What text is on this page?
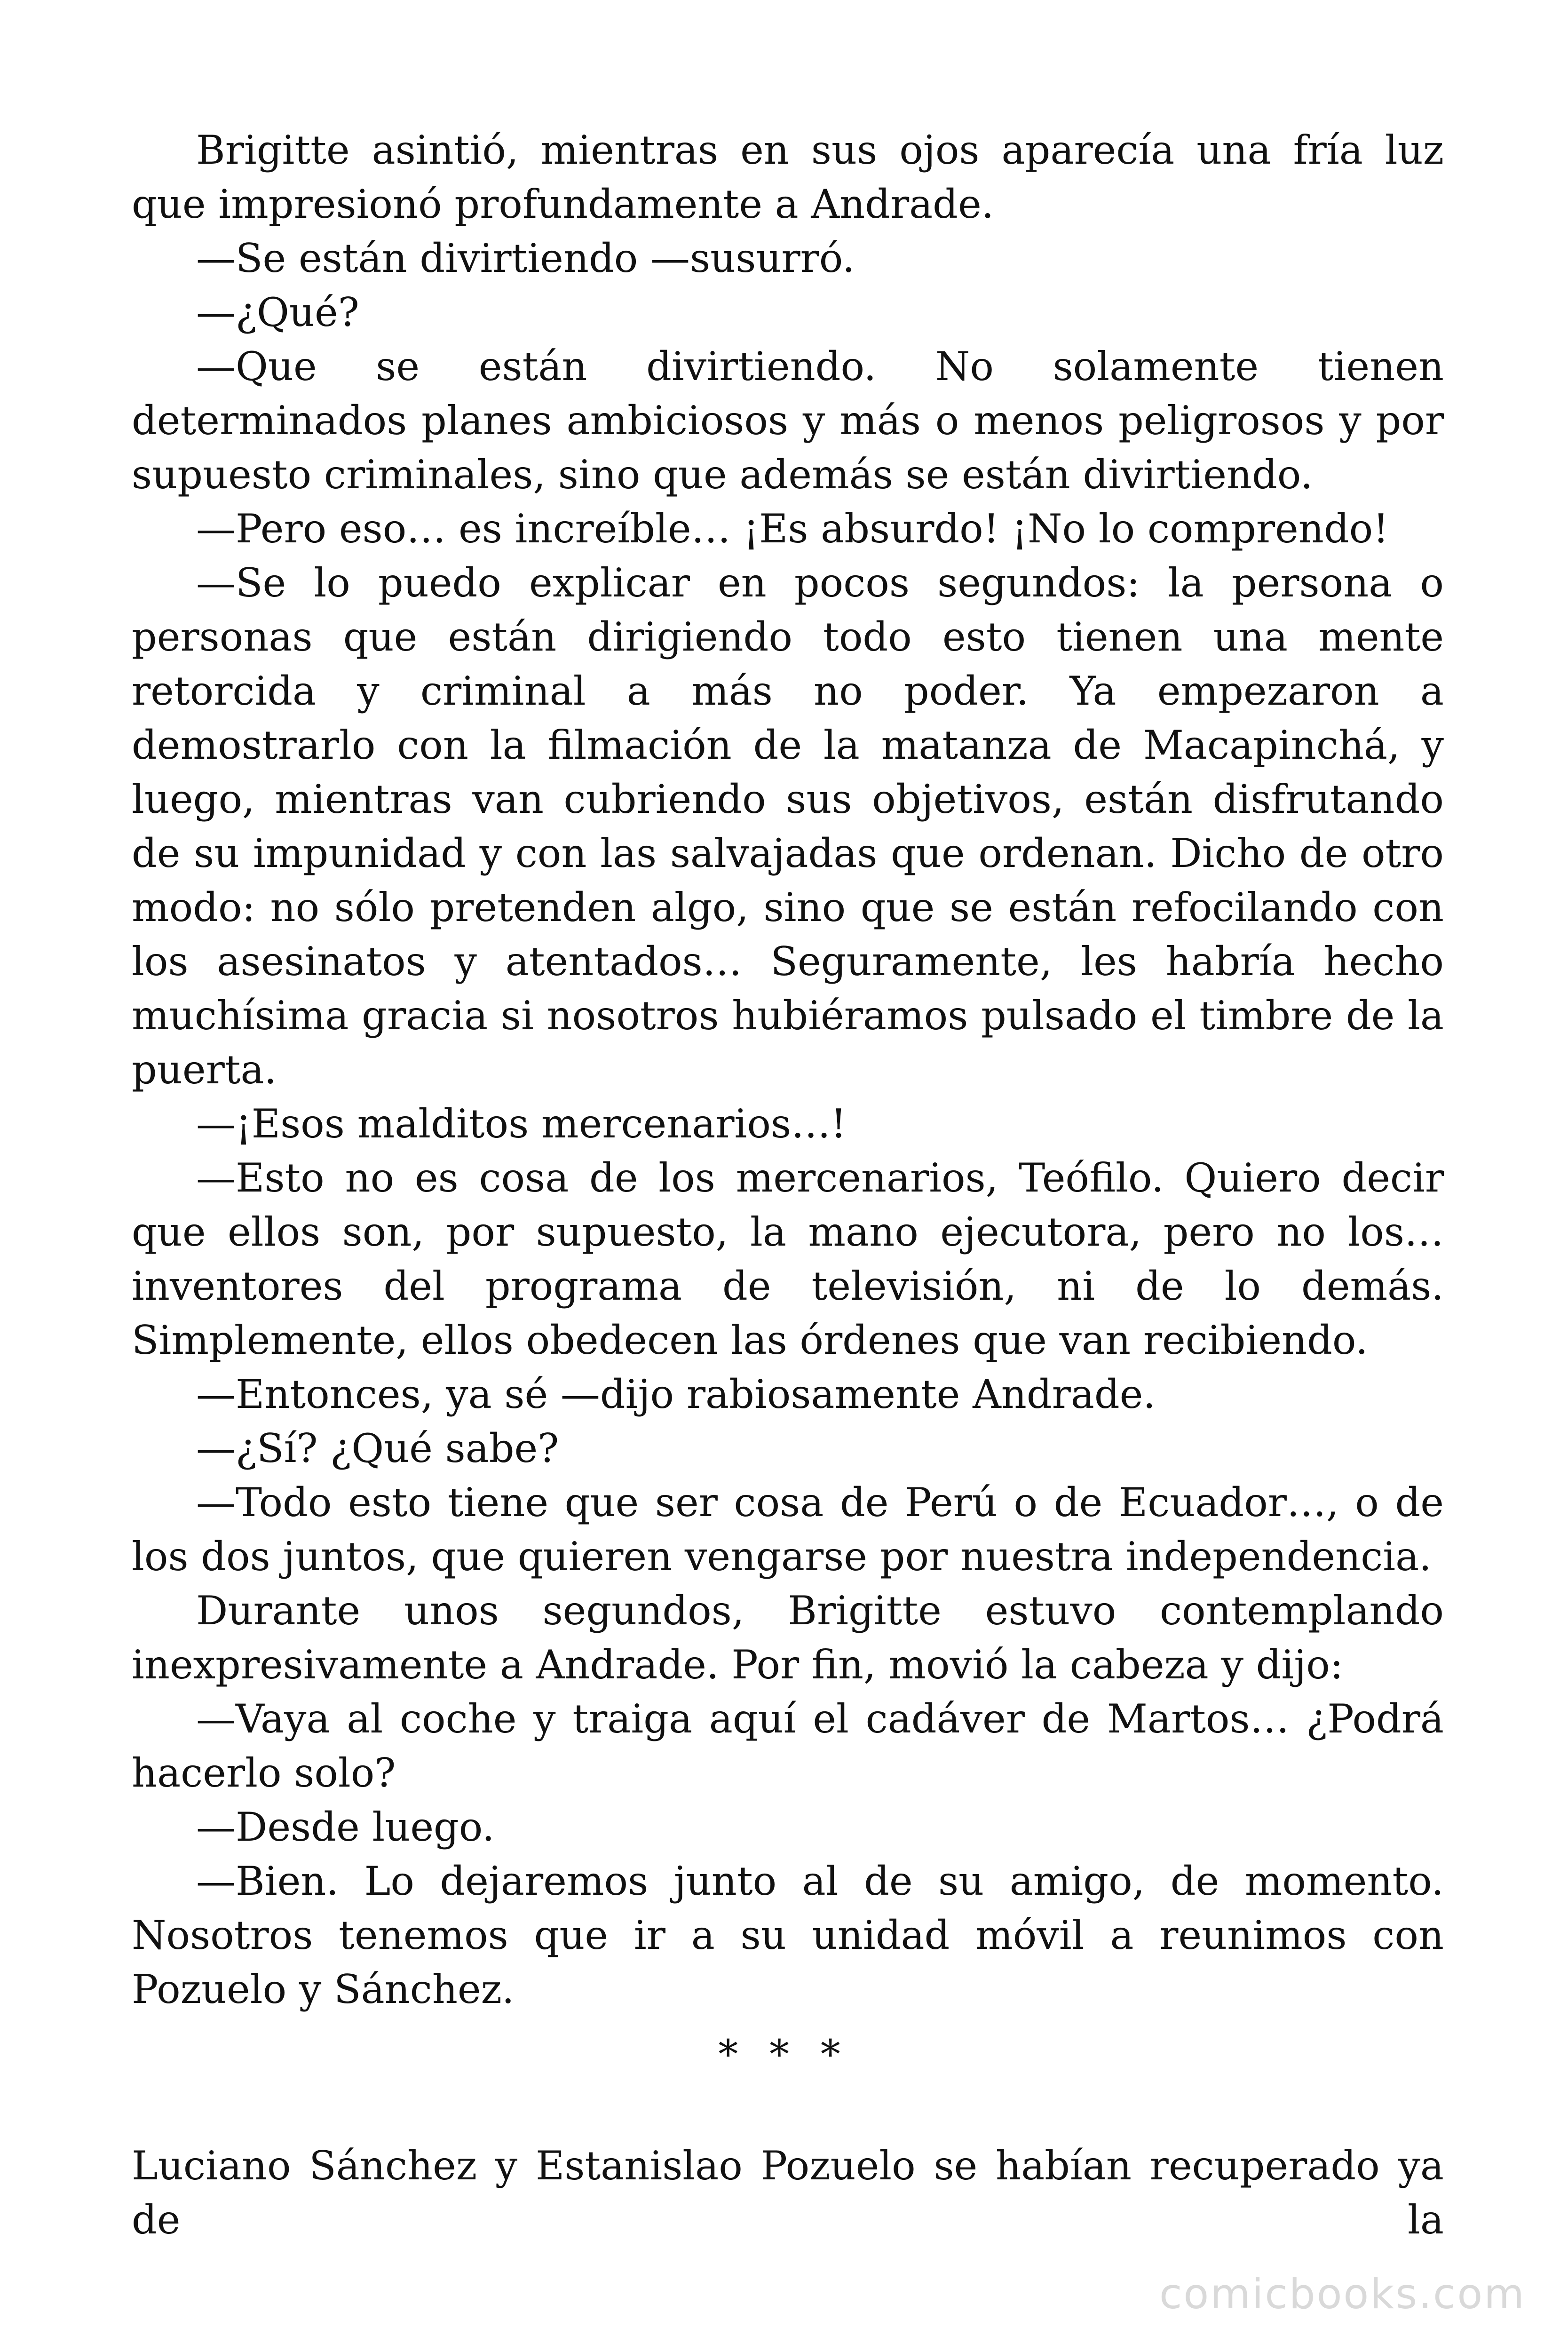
Brigitte asintió, mientras en sus ojos aparecía una fría luz que impresionó profundamente a Andrade.

—Se están divirtiendo —susurró.

—¿Qué?

—Que se están divirtiendo. No solamente tienen determinados planes ambiciosos y más o menos peligrosos y por supuesto criminales, sino que además se están divirtiendo.

—Pero eso… es increíble… ¡Es absurdo! ¡No lo comprendo!

—Se lo puedo explicar en pocos segundos: la persona o personas que están dirigiendo todo esto tienen una mente retorcida y criminal a más no poder. Ya empezaron a demostrarlo con la filmación de la matanza de Macapinchá, y luego, mientras van cubriendo sus objetivos, están disfrutando de su impunidad y con las salvajadas que ordenan. Dicho de otro modo: no sólo pretenden algo, sino que se están refocilando con los asesinatos y atentados… Seguramente, les habría hecho muchísima gracia si nosotros hubiéramos pulsado el timbre de la puerta.

—¡Esos malditos mercenarios…!

—Esto no es cosa de los mercenarios, Teófilo. Quiero decir que ellos son, por supuesto, la mano ejecutora, pero no los… inventores del programa de televisión, ni de lo demás. Simplemente, ellos obedecen las órdenes que van recibiendo.

—Entonces, ya sé —dijo rabiosamente Andrade.

—¿Sí? ¿Qué sabe?

—Todo esto tiene que ser cosa de Perú o de Ecuador…, o de los dos juntos, que quieren vengarse por nuestra independencia.

Durante unos segundos, Brigitte estuvo contemplando inexpresivamente a Andrade. Por fin, movió la cabeza y dijo:

—Vaya al coche y traiga aquí el cadáver de Martos… ¿Podrá hacerlo solo?

—Desde luego.

—Bien. Lo dejaremos junto al de su amigo, de momento. Nosotros tenemos que ir a su unidad móvil a reunimos con Pozuelo y Sánchez.

* * *

Luciano Sánchez y Estanislao Pozuelo se habían recuperado ya de la

comicbooks.com
